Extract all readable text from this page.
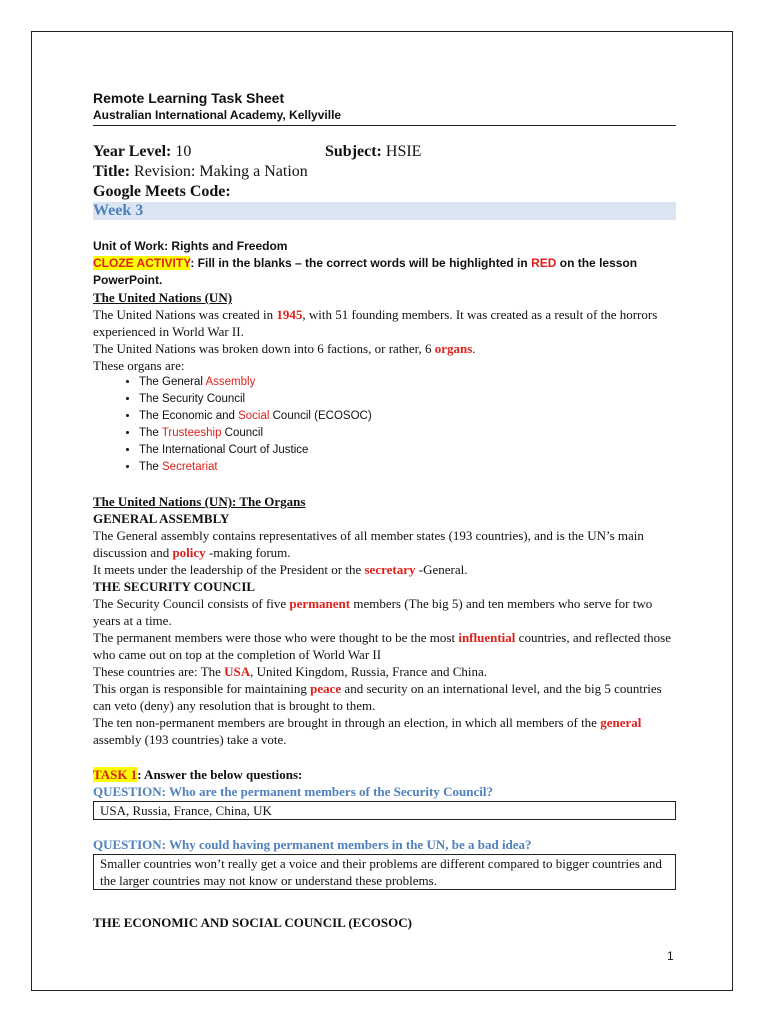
Remote Learning Task Sheet
Australian International Academy, Kellyville
Year Level: 10	Subject: HSIE
Title: Revision: Making a Nation
Google Meets Code:
Week 3
Unit of Work: Rights and Freedom
CLOZE ACTIVITY: Fill in the blanks – the correct words will be highlighted in RED on the lesson PowerPoint.
The United Nations (UN)
The United Nations was created in 1945, with 51 founding members. It was created as a result of the horrors experienced in World War II.
The United Nations was broken down into 6 factions, or rather, 6 organs.
These organs are:
• The General Assembly
• The Security Council
• The Economic and Social Council (ECOSOC)
• The Trusteeship Council
• The International Court of Justice
• The Secretariat
The United Nations (UN): The Organs
GENERAL ASSEMBLY
The General assembly contains representatives of all member states (193 countries), and is the UN’s main discussion and policy -making forum.
It meets under the leadership of the President or the secretary -General.
THE SECURITY COUNCIL
The Security Council consists of five permanent members (The big 5) and ten members who serve for two years at a time.
The permanent members were those who were thought to be the most influential countries, and reflected those who came out on top at the completion of World War II
These countries are: The USA, United Kingdom, Russia, France and China.
This organ is responsible for maintaining peace and security on an international level, and the big 5 countries can veto (deny) any resolution that is brought to them.
The ten non-permanent members are brought in through an election, in which all members of the general assembly (193 countries) take a vote.
TASK 1: Answer the below questions:
QUESTION: Who are the permanent members of the Security Council?
USA, Russia, France, China, UK
QUESTION: Why could having permanent members in the UN, be a bad idea?
Smaller countries won’t really get a voice and their problems are different compared to bigger countries and the larger countries may not know or understand these problems.
THE ECONOMIC AND SOCIAL COUNCIL (ECOSOC)
1
